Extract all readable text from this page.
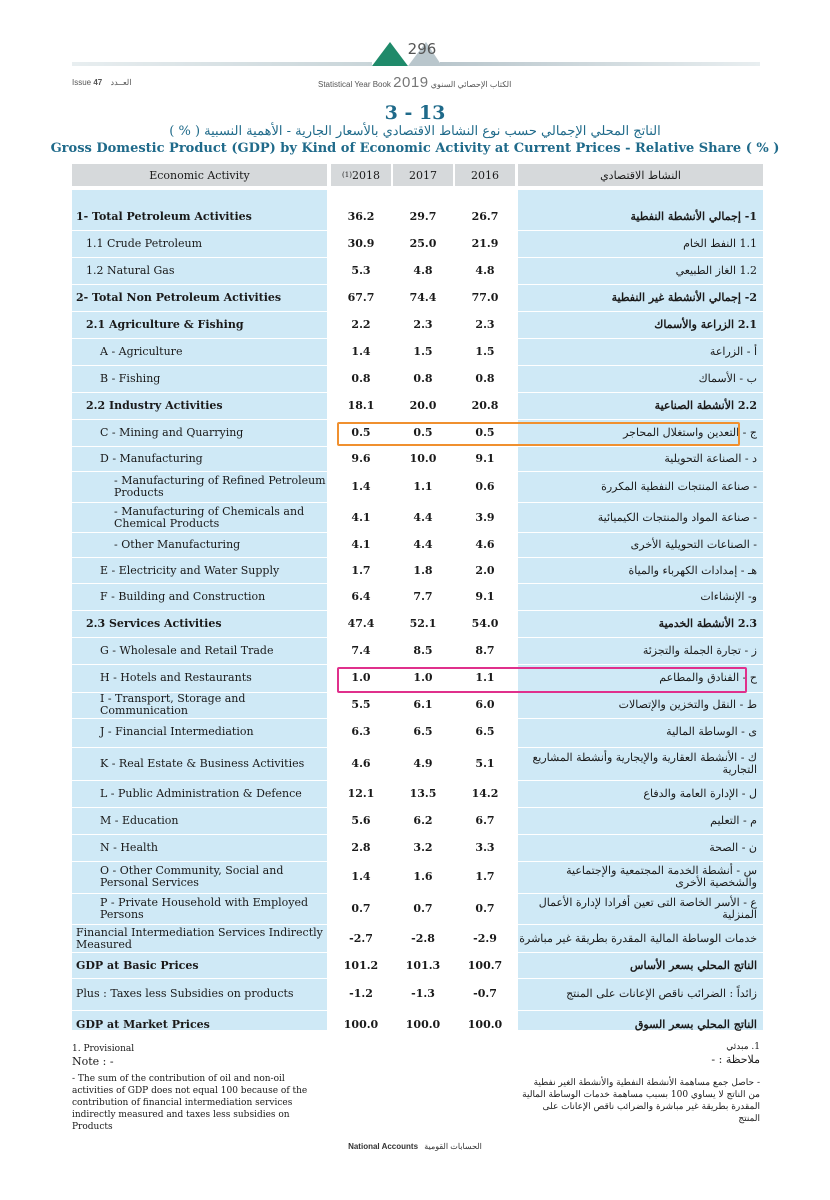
296
Issue 47 العــدد	Statistical Year Book 2019 الكتاب الإحصائي السنوي
3 - 13
الناتج المحلي الإجمالي حسب نوع النشاط الاقتصادي بالأسعار الجارية - الأهمية النسبية ( % )
Gross Domestic Product (GDP) by Kind of Economic Activity at Current Prices - Relative Share ( % )
Economic Activity	(1) 2018	2017	2016	النشاط الاقتصادي
1- Total Petroleum Activities	36.2	29.7	26.7	1- إجمالي الأنشطة النفطية
1.1 Crude Petroleum	30.9	25.0	21.9	1.1 النفط الخام
1.2 Natural Gas	5.3	4.8	4.8	1.2 الغاز الطبيعي
2- Total Non Petroleum Activities	67.7	74.4	77.0	2- إجمالي الأنشطة غير النفطية
2.1 Agriculture & Fishing	2.2	2.3	2.3	2.1 الزراعة والأسماك
A - Agriculture	1.4	1.5	1.5	أ - الزراعة
B - Fishing	0.8	0.8	0.8	ب - الأسماك
2.2 Industry Activities	18.1	20.0	20.8	2.2 الأنشطة الصناعية
C - Mining and Quarrying	0.5	0.5	0.5	ج - التعدين واستغلال المحاجر
D - Manufacturing	9.6	10.0	9.1	د - الصناعة التحويلية
- Manufacturing of Refined Petroleum Products	1.4	1.1	0.6	- صناعة المنتجات النفطية المكررة
- Manufacturing of Chemicals and Chemical Products	4.1	4.4	3.9	- صناعة المواد والمنتجات الكيميائية
- Other Manufacturing	4.1	4.4	4.6	- الصناعات التحويلية الأخرى
E - Electricity and Water Supply	1.7	1.8	2.0	هـ - إمدادات الكهرباء والمياة
F - Building and Construction	6.4	7.7	9.1	و- الإنشاءات
2.3 Services Activities	47.4	52.1	54.0	2.3 الأنشطة الخدمية
G - Wholesale and Retail Trade	7.4	8.5	8.7	ز - تجارة الجملة والتجزئة
H - Hotels and Restaurants	1.0	1.0	1.1	ح - الفنادق والمطاعم
I - Transport, Storage and Communication	5.5	6.1	6.0	ط - النقل والتخزين والإتصالات
J - Financial Intermediation	6.3	6.5	6.5	ى - الوساطة المالية
K - Real Estate & Business Activities	4.6	4.9	5.1	ك - الأنشطة العقارية والإيجارية وأنشطة المشاريع التجارية
L - Public Administration & Defence	12.1	13.5	14.2	ل - الإدارة العامة والدفاع
M - Education	5.6	6.2	6.7	م - التعليم
N - Health	2.8	3.2	3.3	ن - الصحة
O - Other Community, Social and Personal Services	1.4	1.6	1.7	س - أنشطة الخدمة المجتمعية والإجتماعية والشخصية الأخرى
P - Private Household with Employed Persons	0.7	0.7	0.7	ع - الأسر الخاصة التى تعين أفرادا لإدارة الأعمال المنزلية
Financial Intermediation Services Indirectly Measured	-2.7	-2.8	-2.9	خدمات الوساطة المالية المقدرة بطريقة غير مباشرة
GDP at Basic Prices	101.2	101.3	100.7	الناتج المحلي بسعر الأساس
Plus : Taxes less Subsidies on products	-1.2	-1.3	-0.7	زائداً : الضرائب ناقص الإعانات على المنتج
GDP at Market Prices	100.0	100.0	100.0	الناتج المحلي بسعر السوق
1. Provisional	1. مبدئي
Note : -	ملاحظة : -
- The sum of the contribution of oil and non-oil activities of GDP does not equal 100 because of the contribution of financial intermediation services indirectly measured and taxes less subsidies on Products
- حاصل جمع مساهمة الأنشطة النفطية والأنشطة الغير نفطية من الناتج لا يساوي 100 بسبب مساهمة خدمات الوساطة المالية المقدرة بطريقة غير مباشرة والضرائب ناقص الإعانات على المنتج
National Accounts الحسابات القومية
